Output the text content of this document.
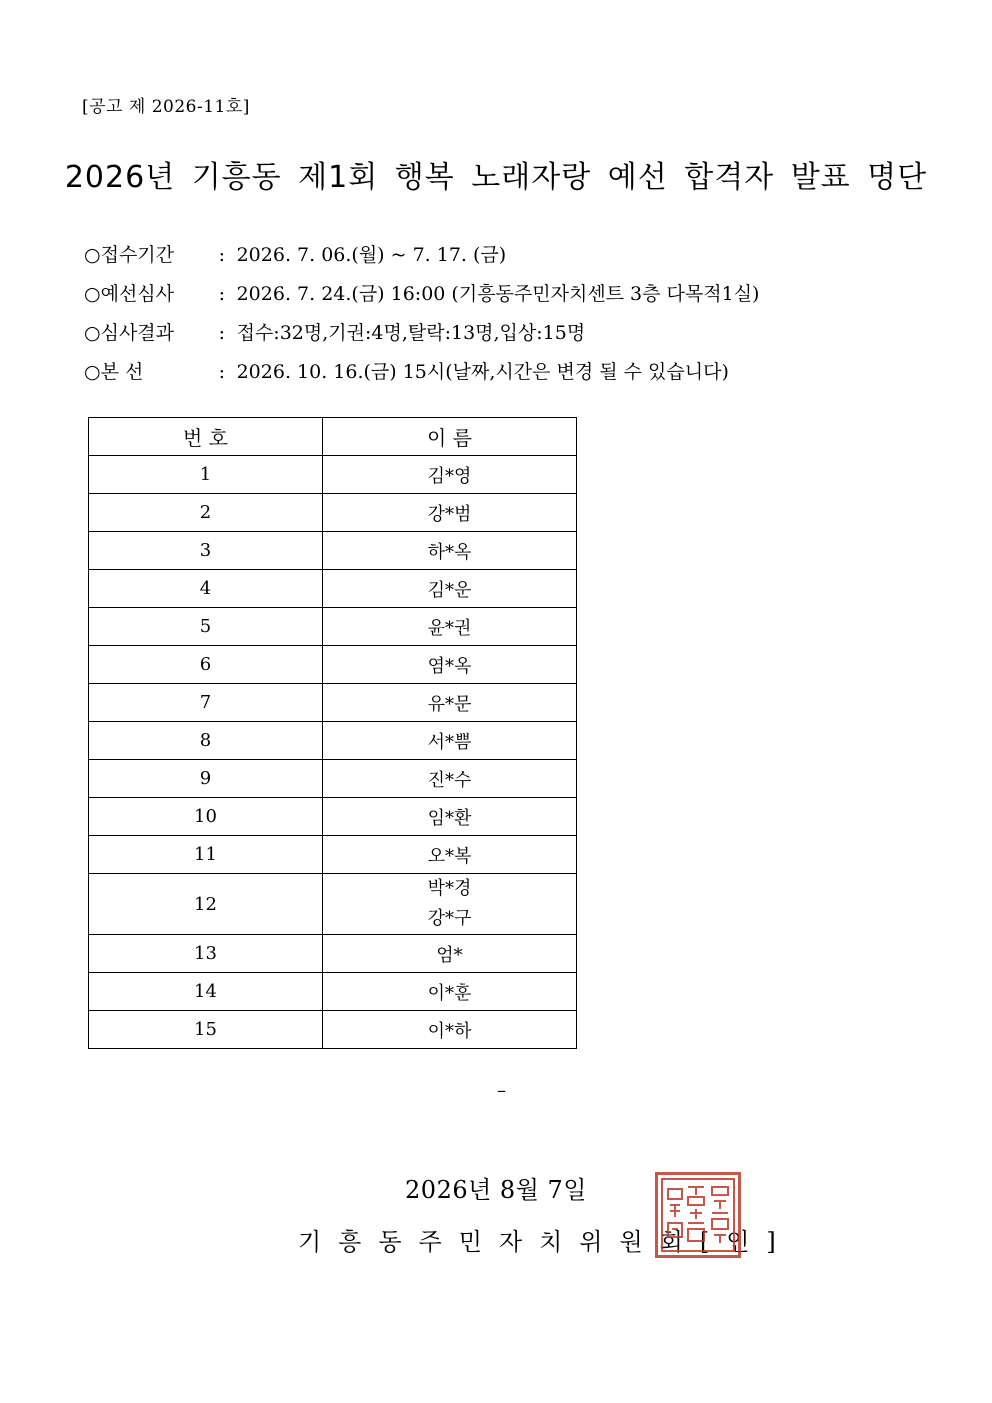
[공고 제 2026-11호]
2026년 기흥동 제1회 행복 노래자랑 예선 합격자 발표 명단
○접수기간 : 2026. 7. 06.(월) ~ 7. 17. (금)
○예선심사 : 2026. 7. 24.(금) 16:00 (기흥동주민자치센트 3층 다목적1실)
○심사결과 : 접수:32명,기권:4명,탈락:13명,입상:15명
○본 선	: 2026. 10. 16.(금) 15시(날짜,시간은 변경 될 수 있습니다)
번 호	이 름
1	김*영
2	강*범
3	하*옥
4	김*운
5	윤*권
6	염*옥
7	유*문
8	서*쁨
9	진*수
10	임*환
11	오*복
12	박*경
강*구

13	엄*
14	이*훈
15	이*하
–
2026년 8월 7일
기흥동주민자치위원회[인]
